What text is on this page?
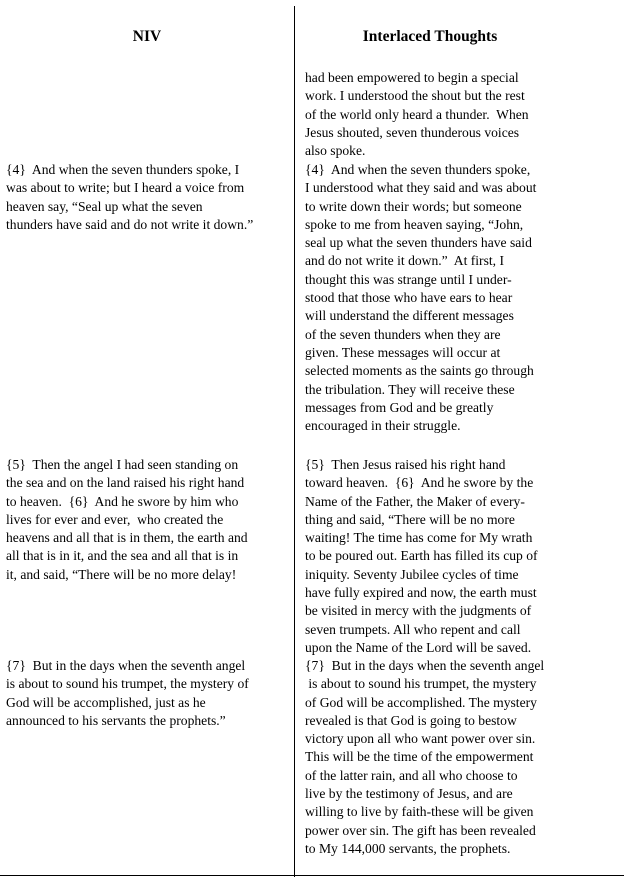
NIV	Interlaced Thoughts
had been empowered to begin a special
work. I understood the shout but the rest
of the world only heard a thunder.  When
Jesus shouted, seven thunderous voices
also spoke.
{4}  And when the seven thunders spoke, I
was about to write; but I heard a voice from
heaven say, “Seal up what the seven
thunders have said and do not write it down.”
{4}  And when the seven thunders spoke,
I understood what they said and was about
to write down their words; but someone
spoke to me from heaven saying, “John,
seal up what the seven thunders have said
and do not write it down.”  At first, I
thought this was strange until I under-
stood that those who have ears to hear
will understand the different messages
of the seven thunders when they are
given. These messages will occur at
selected moments as the saints go through
the tribulation. They will receive these
messages from God and be greatly
encouraged in their struggle.
{5}  Then the angel I had seen standing on
the sea and on the land raised his right hand
to heaven.  {6}  And he swore by him who
lives for ever and ever,  who created the
heavens and all that is in them, the earth and
all that is in it, and the sea and all that is in
it, and said, “There will be no more delay!
{5}  Then Jesus raised his right hand
toward heaven.  {6}  And he swore by the
Name of the Father, the Maker of every-
thing and said, “There will be no more
waiting! The time has come for My wrath
to be poured out. Earth has filled its cup of
iniquity. Seventy Jubilee cycles of time
have fully expired and now, the earth must
be visited in mercy with the judgments of
seven trumpets. All who repent and call
upon the Name of the Lord will be saved.
{7}  But in the days when the seventh angel
is about to sound his trumpet, the mystery of
God will be accomplished, just as he
announced to his servants the prophets.”
{7}  But in the days when the seventh angel
is about to sound his trumpet, the mystery
of God will be accomplished. The mystery
revealed is that God is going to bestow
victory upon all who want power over sin.
This will be the time of the empowerment
of the latter rain, and all who choose to
live by the testimony of Jesus, and are
willing to live by faith-these will be given
power over sin. The gift has been revealed
to My 144,000 servants, the prophets.
